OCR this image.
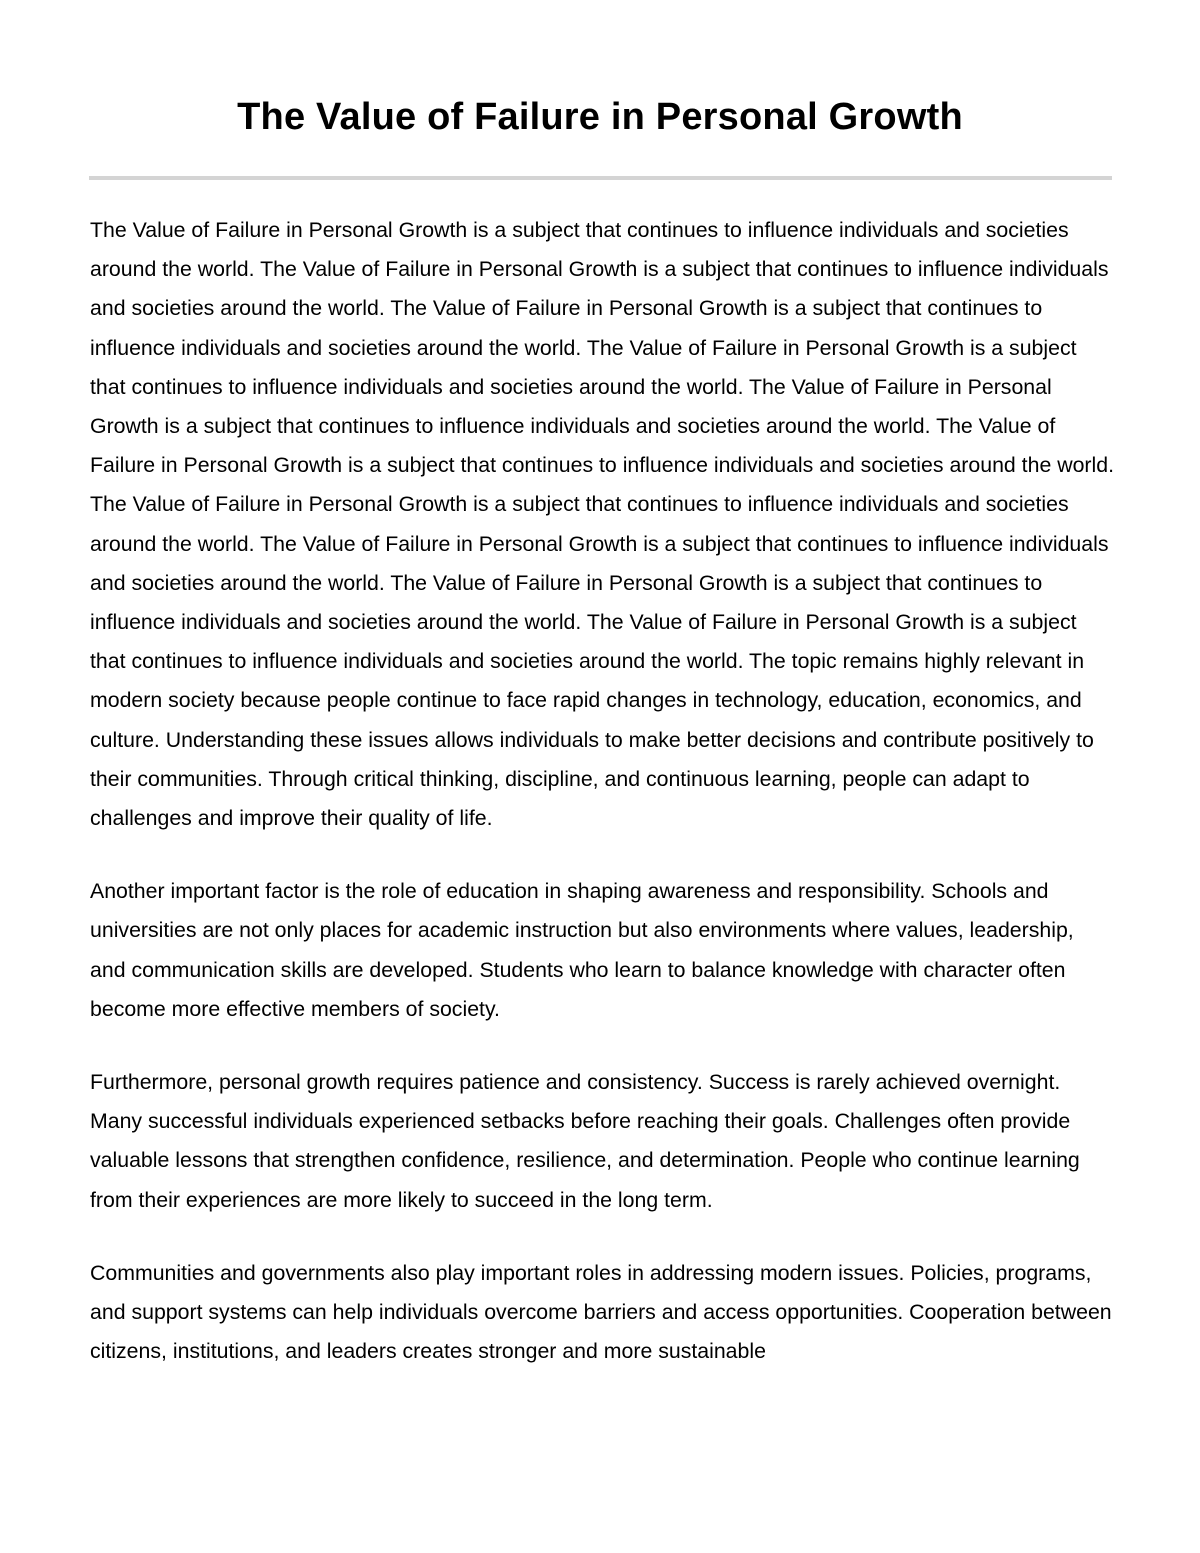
The Value of Failure in Personal Growth

The Value of Failure in Personal Growth is a subject that continues to influence individuals and societies around the world. The Value of Failure in Personal Growth is a subject that continues to influence individuals and societies around the world. The Value of Failure in Personal Growth is a subject that continues to influence individuals and societies around the world. The Value of Failure in Personal Growth is a subject that continues to influence individuals and societies around the world. The Value of Failure in Personal Growth is a subject that continues to influence individuals and societies around the world. The Value of Failure in Personal Growth is a subject that continues to influence individuals and societies around the world. The Value of Failure in Personal Growth is a subject that continues to influence individuals and societies around the world. The Value of Failure in Personal Growth is a subject that continues to influence individuals and societies around the world. The Value of Failure in Personal Growth is a subject that continues to influence individuals and societies around the world. The Value of Failure in Personal Growth is a subject that continues to influence individuals and societies around the world. The topic remains highly relevant in modern society because people continue to face rapid changes in technology, education, economics, and culture. Understanding these issues allows individuals to make better decisions and contribute positively to their communities. Through critical thinking, discipline, and continuous learning, people can adapt to challenges and improve their quality of life.

Another important factor is the role of education in shaping awareness and responsibility. Schools and universities are not only places for academic instruction but also environments where values, leadership, and communication skills are developed. Students who learn to balance knowledge with character often become more effective members of society.

Furthermore, personal growth requires patience and consistency. Success is rarely achieved overnight. Many successful individuals experienced setbacks before reaching their goals. Challenges often provide valuable lessons that strengthen confidence, resilience, and determination. People who continue learning from their experiences are more likely to succeed in the long term.

Communities and governments also play important roles in addressing modern issues. Policies, programs, and support systems can help individuals overcome barriers and access opportunities. Cooperation between citizens, institutions, and leaders creates stronger and more sustainable
